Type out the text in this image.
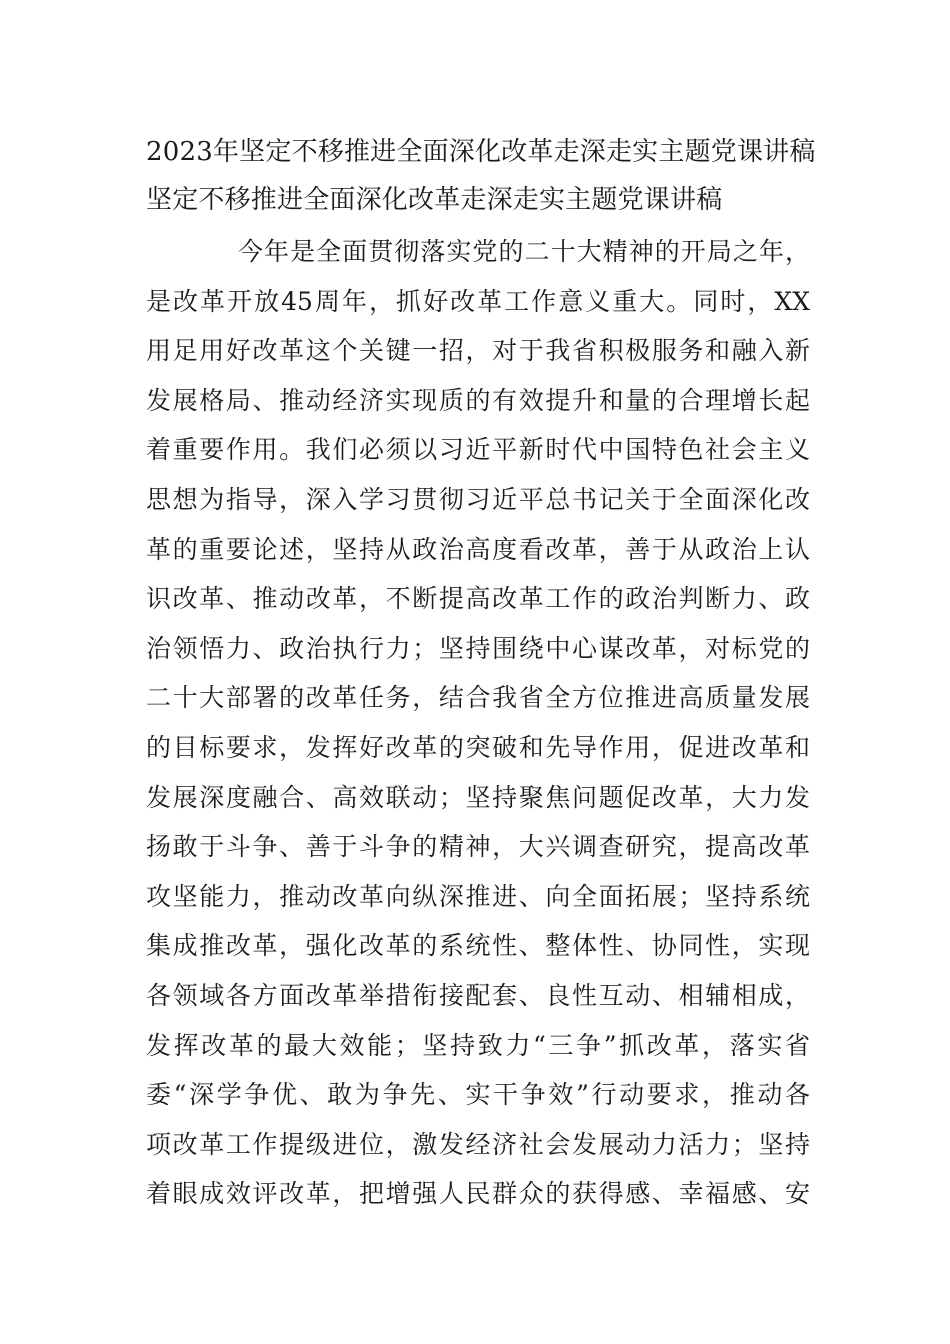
2023年坚定不移推进全面深化改革走深走实主题党课讲稿
坚定不移推进全面深化改革走深走实主题党课讲稿
今年是全面贯彻落实党的二十大精神的开局之年，
是改革开放45周年，抓好改革工作意义重大。同时，XX
用足用好改革这个关键一招，对于我省积极服务和融入新
发展格局、推动经济实现质的有效提升和量的合理增长起
着重要作用。我们必须以习近平新时代中国特色社会主义
思想为指导，深入学习贯彻习近平总书记关于全面深化改
革的重要论述，坚持从政治高度看改革，善于从政治上认
识改革、推动改革，不断提高改革工作的政治判断力、政
治领悟力、政治执行力；坚持围绕中心谋改革，对标党的
二十大部署的改革任务，结合我省全方位推进高质量发展
的目标要求，发挥好改革的突破和先导作用，促进改革和
发展深度融合、高效联动；坚持聚焦问题促改革，大力发
扬敢于斗争、善于斗争的精神，大兴调查研究，提高改革
攻坚能力，推动改革向纵深推进、向全面拓展；坚持系统
集成推改革，强化改革的系统性、整体性、协同性，实现
各领域各方面改革举措衔接配套、良性互动、相辅相成，
发挥改革的最大效能；坚持致力“三争”抓改革，落实省
委“深学争优、敢为争先、实干争效”行动要求，推动各
项改革工作提级进位，激发经济社会发展动力活力；坚持
着眼成效评改革，把增强人民群众的获得感、幸福感、安
